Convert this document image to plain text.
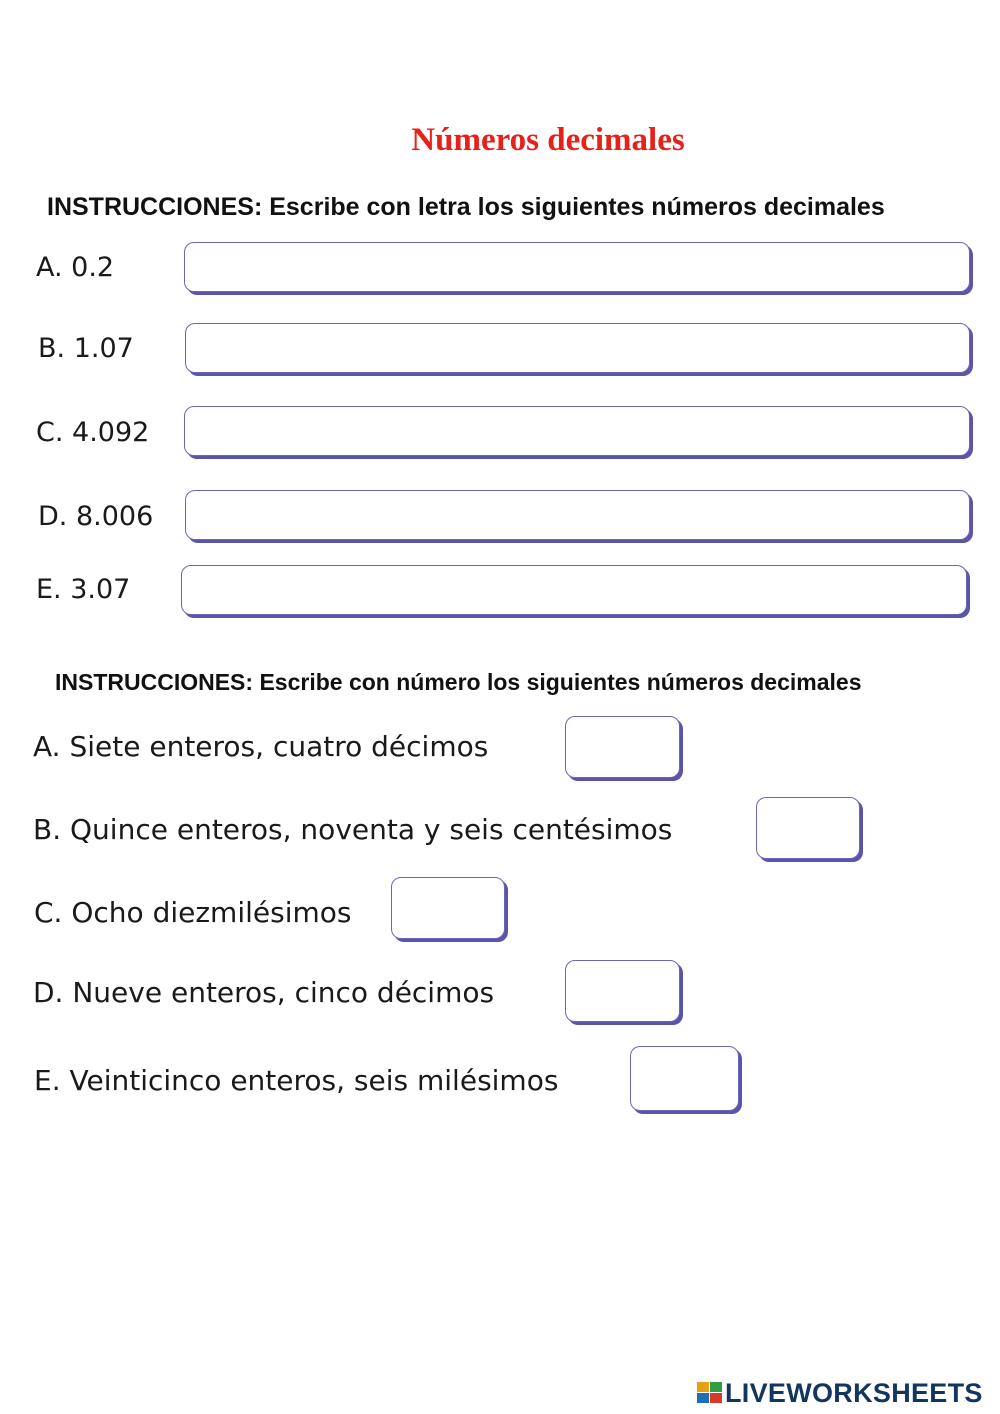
Números decimales
INSTRUCCIONES: Escribe con letra los siguientes números decimales
A. 0.2
B. 1.07
C. 4.092
D. 8.006
E. 3.07
INSTRUCCIONES: Escribe con número los siguientes números decimales
A. Siete enteros, cuatro décimos
B. Quince enteros, noventa y seis centésimos
C. Ocho diezmilésimos
D. Nueve enteros, cinco décimos
E. Veinticinco enteros, seis milésimos
LIVEWORKSHEETS
